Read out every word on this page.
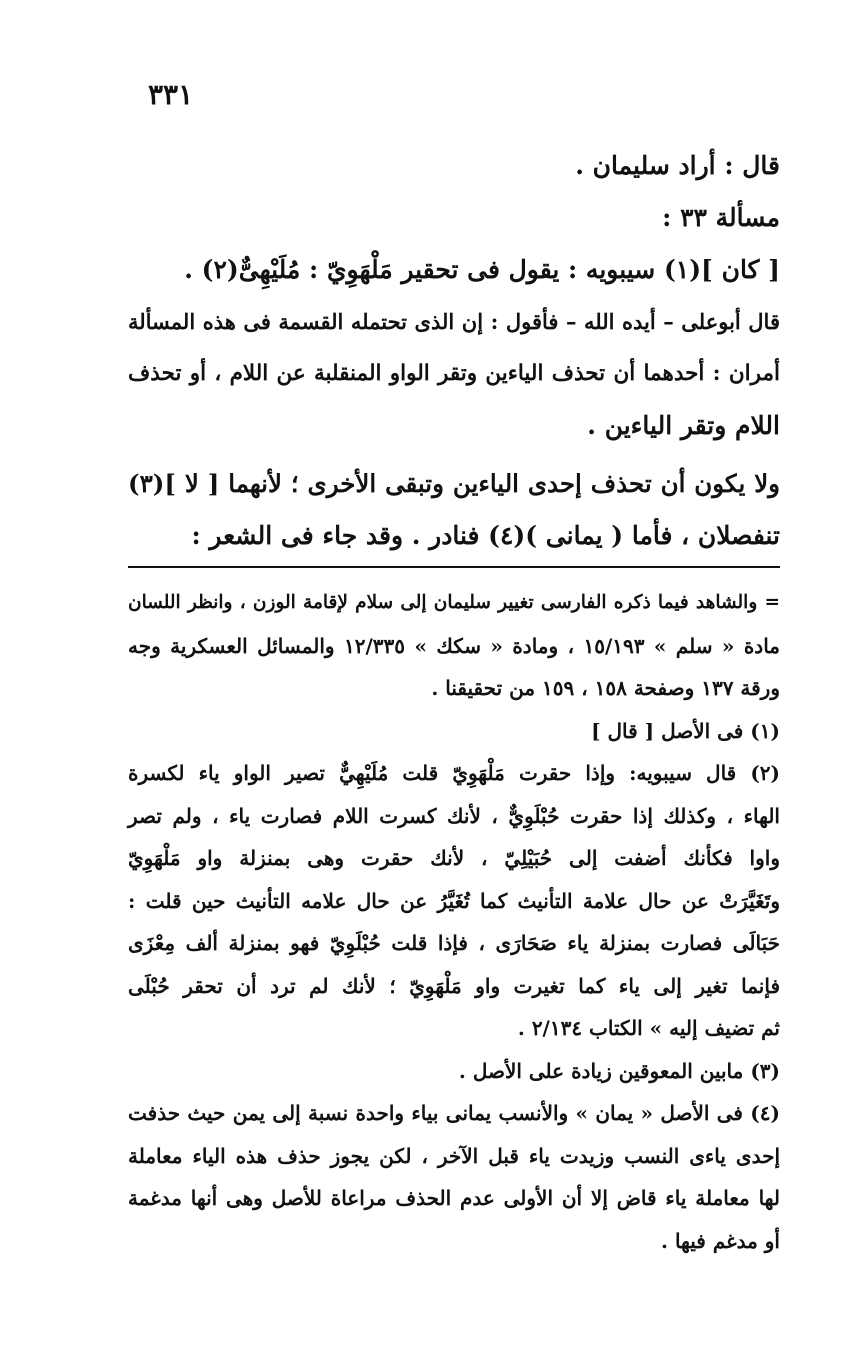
٣٣١
قال : أراد سليمان .
مسألة ٣٣ :
[ كان ](١) سيبويه : يقول فى تحقير مَلْهَوِيّ : مُلَيْهِىٌّ(٢) .
قال أبوعلى – أيده الله – فأقول : إن الذى تحتمله القسمة فى هذه المسألة
أمران : أحدهما أن تحذف الياءين وتقر الواو المنقلبة عن اللام ، أو تحذف
اللام وتقر الياءين .
ولا يكون أن تحذف إحدى الياءين وتبقى الأخرى ؛ لأنهما [ لا ](٣)
تنفصلان ، فأما ( يمانى )(٤) فنادر . وقد جاء فى الشعر :
= والشاهد فيما ذكره الفارسى تغيير سليمان إلى سلام لإقامة الوزن ، وانظر اللسان
مادة « سلم » ١٥/١٩٣ ، ومادة « سكك » ١٢/٣٣٥ والمسائل العسكرية وجه
ورقة ١٣٧ وصفحة ١٥٨ ، ١٥٩ من تحقيقنا .
(١) فى الأصل [ قال ]
(٢) قال سيبويه: وإذا حقرت مَلْهَوِيّ قلت مُلَيْهِيٌّ تصير الواو ياء لكسرة
الهاء ، وكذلك إذا حقرت حُبْلَوِيٌّ ، لأنك كسرت اللام فصارت ياء ، ولم تصر
واوا فكأنك أضفت إلى حُبَيْلِيّ ، لأنك حقرت وهى بمنزلة واو مَلْهَوِيّ
وتَغَيَّرَتْ عن حال علامة التأنيث كما تُغَيَّرُ عن حال علامه التأنيث حين قلت :
حَبَالَى فصارت بمنزلة ياء صَحَارَى ، فإذا قلت حُبْلَوِيّ فهو بمنزلة ألف مِعْزَى
فإنما تغير إلى ياء كما تغيرت واو مَلْهَوِيّ ؛ لأنك لم ترد أن تحقر حُبْلَى
ثم تضيف إليه » الكتاب ٢/١٣٤ .
(٣) مابين المعوقين زيادة على الأصل .
(٤) فى الأصل « يمان » والأنسب يمانى بياء واحدة نسبة إلى يمن حيث حذفت
إحدى ياءى النسب وزيدت ياء قبل الآخر ، لكن يجوز حذف هذه الياء معاملة
لها معاملة ياء قاض إلا أن الأولى عدم الحذف مراعاة للأصل وهى أنها مدغمة
أو مدغم فيها .
